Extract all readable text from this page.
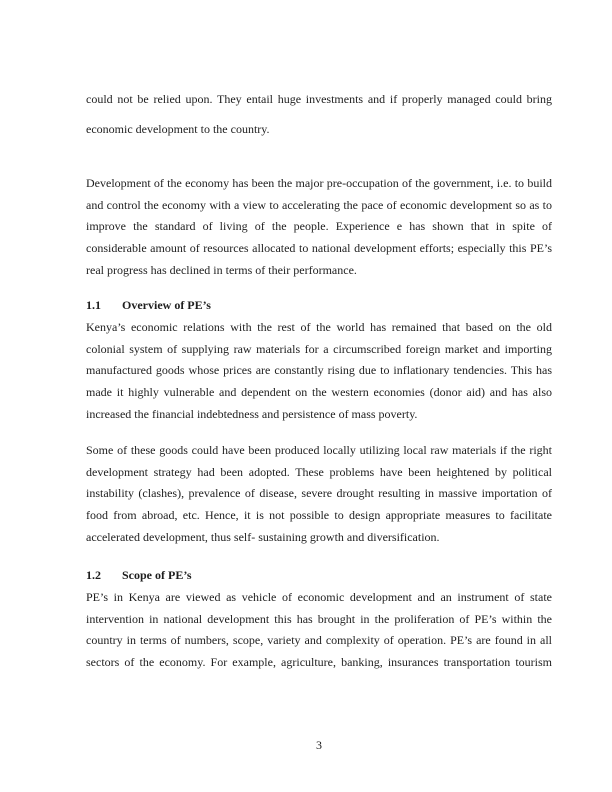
could not be relied upon. They entail huge investments and if properly managed could bring
economic development to the country.
Development of the economy has been the major pre-occupation of the government, i.e. to build
and control the economy with a view to accelerating the pace of economic development so as to
improve the standard of living of the people. Experience e has shown that in spite of
considerable amount of resources allocated to national development efforts; especially this PE’s
real progress has declined in terms of their performance.
1.1 Overview of PE’s
Kenya’s economic relations with the rest of the world has remained that based on the old
colonial system of supplying raw materials for a circumscribed foreign market and importing
manufactured goods whose prices are constantly rising due to inflationary tendencies. This has
made it highly vulnerable and dependent on the western economies (donor aid) and has also
increased the financial indebtedness and persistence of mass poverty.
Some of these goods could have been produced locally utilizing local raw materials if the right
development strategy had been adopted. These problems have been heightened by political
instability (clashes), prevalence of disease, severe drought resulting in massive importation of
food from abroad, etc. Hence, it is not possible to design appropriate measures to facilitate
accelerated development, thus self- sustaining growth and diversification.
1.2 Scope of PE’s
PE’s in Kenya are viewed as vehicle of economic development and an instrument of state
intervention in national development this has brought in the proliferation of PE’s within the
country in terms of numbers, scope, variety and complexity of operation. PE’s are found in all
sectors of the economy. For example, agriculture, banking, insurances transportation tourism
3
